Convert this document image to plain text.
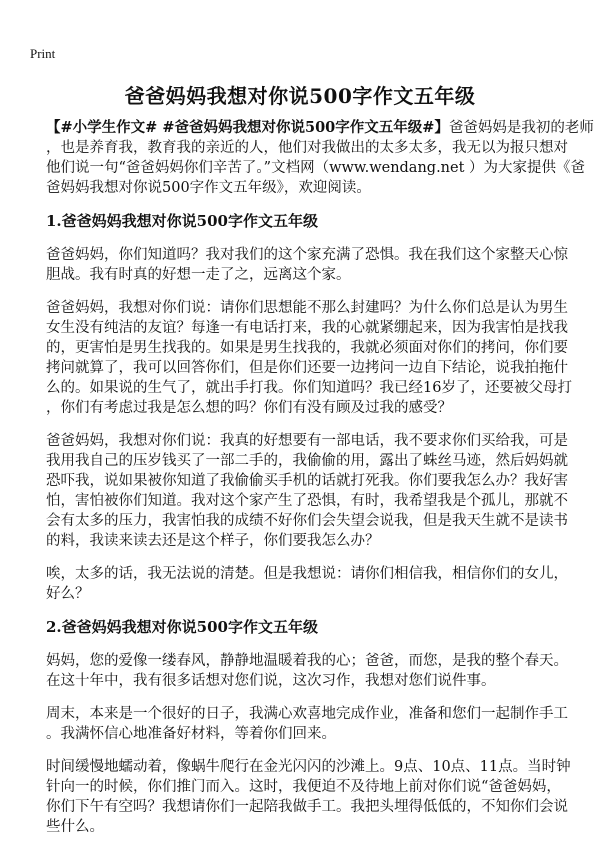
Print
爸爸妈妈我想对你说500字作文五年级
【#小学生作文# #爸爸妈妈我想对你说500字作文五年级#】爸爸妈妈是我初的老师
，也是养育我，教育我的亲近的人，他们对我做出的太多太多，我无以为报只想对
他们说一句“爸爸妈妈你们辛苦了。”文档网（www.wendang.net ）为大家提供《爸
爸妈妈我想对你说500字作文五年级》，欢迎阅读。
1.爸爸妈妈我想对你说500字作文五年级
爸爸妈妈，你们知道吗？我对我们的这个家充满了恐惧。我在我们这个家整天心惊
胆战。我有时真的好想一走了之，远离这个家。
爸爸妈妈，我想对你们说：请你们思想能不那么封建吗？为什么你们总是认为男生
女生没有纯洁的友谊？每逢一有电话打来，我的心就紧绷起来，因为我害怕是找我
的，更害怕是男生找我的。如果是男生找我的，我就必须面对你们的拷问，你们要
拷问就算了，我可以回答你们，但是你们还要一边拷问一边自下结论，说我拍拖什
么的。如果说的生气了，就出手打我。你们知道吗？我已经16岁了，还要被父母打
，你们有考虑过我是怎么想的吗？你们有没有顾及过我的感受？
爸爸妈妈，我想对你们说：我真的好想要有一部电话，我不要求你们买给我，可是
我用我自己的压岁钱买了一部二手的，我偷偷的用，露出了蛛丝马迹，然后妈妈就
恐吓我，说如果被你知道了我偷偷买手机的话就打死我。你们要我怎么办？我好害
怕，害怕被你们知道。我对这个家产生了恐惧，有时，我希望我是个孤儿，那就不
会有太多的压力，我害怕我的成绩不好你们会失望会说我，但是我天生就不是读书
的料，我读来读去还是这个样子，你们要我怎么办？
唉，太多的话，我无法说的清楚。但是我想说：请你们相信我，相信你们的女儿，
好么？
2.爸爸妈妈我想对你说500字作文五年级
妈妈，您的爱像一缕春风，静静地温暖着我的心；爸爸，而您，是我的整个春天。
在这十年中，我有很多话想对您们说，这次习作，我想对您们说件事。
周末，本来是一个很好的日子，我满心欢喜地完成作业，准备和您们一起制作手工
。我满怀信心地准备好材料，等着你们回来。
时间缓慢地蠕动着，像蜗牛爬行在金光闪闪的沙滩上。9点、10点、11点。当时钟
针向一的时候，你们推门而入。这时，我便迫不及待地上前对你们说“爸爸妈妈，
你们下午有空吗？我想请你们一起陪我做手工。我把头埋得低低的，不知你们会说
些什么。
